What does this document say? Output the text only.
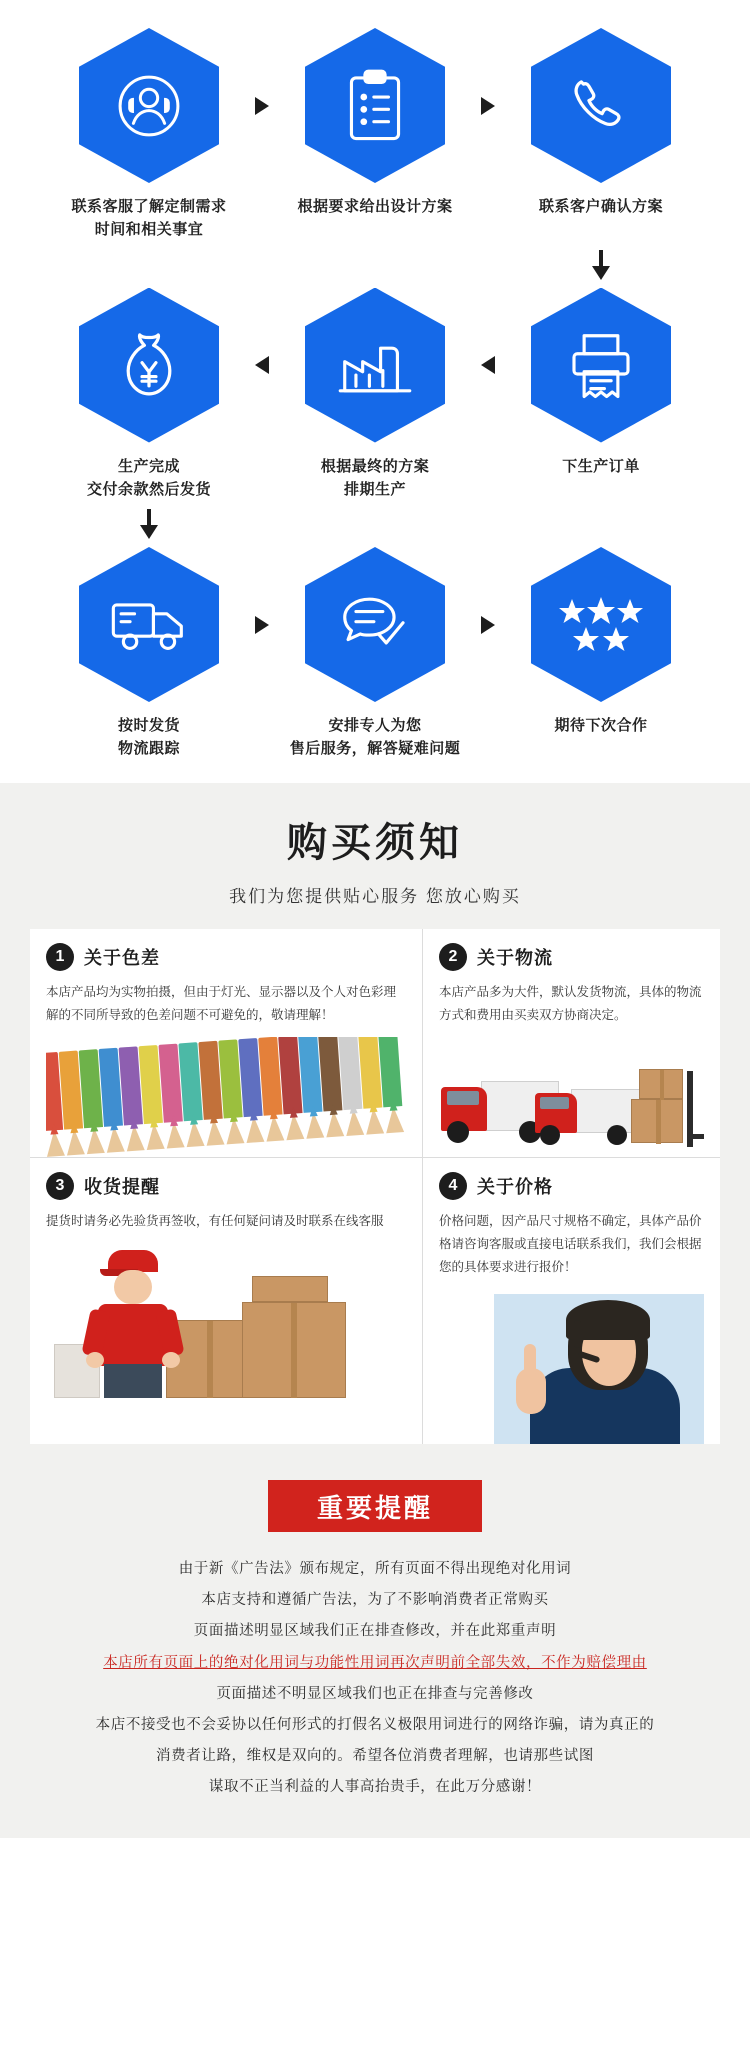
联系客服了解定制需求
时间和相关事宜
根据要求给出设计方案	联系客户确认方案
生产完成
交付余款然后发货
根据最终的方案
排期生产
下生产订单
按时发货
物流跟踪
安排专人为您
售后服务，解答疑难问题
期待下次合作
购买须知
我们为您提供贴心服务 您放心购买
1	关于色差
本店产品均为实物拍摄，但由于灯光、显示器以及个人对色彩理解的不同所导致的色差问题不可避免的，敬请理解！
2	关于物流
本店产品多为大件，默认发货物流，具体的物流方式和费用由买卖双方协商决定。
3	收货提醒
提货时请务必先验货再签收，有任何疑问请及时联系在线客服
4	关于价格
价格问题，因产品尺寸规格不确定，具体产品价格请咨询客服或直接电话联系我们，我们会根据您的具体要求进行报价！
重要提醒

由于新《广告法》颁布规定，所有页面不得出现绝对化用词

本店支持和遵循广告法，为了不影响消费者正常购买

页面描述明显区域我们正在排查修改，并在此郑重声明

本店所有页面上的绝对化用词与功能性用词再次声明前全部失效，不作为赔偿理由

页面描述不明显区域我们也正在排查与完善修改

本店不接受也不会妥协以任何形式的打假名义极限用词进行的网络诈骗，请为真正的

消费者让路，维权是双向的。希望各位消费者理解，也请那些试图

谋取不正当利益的人事高抬贵手，在此万分感谢！
